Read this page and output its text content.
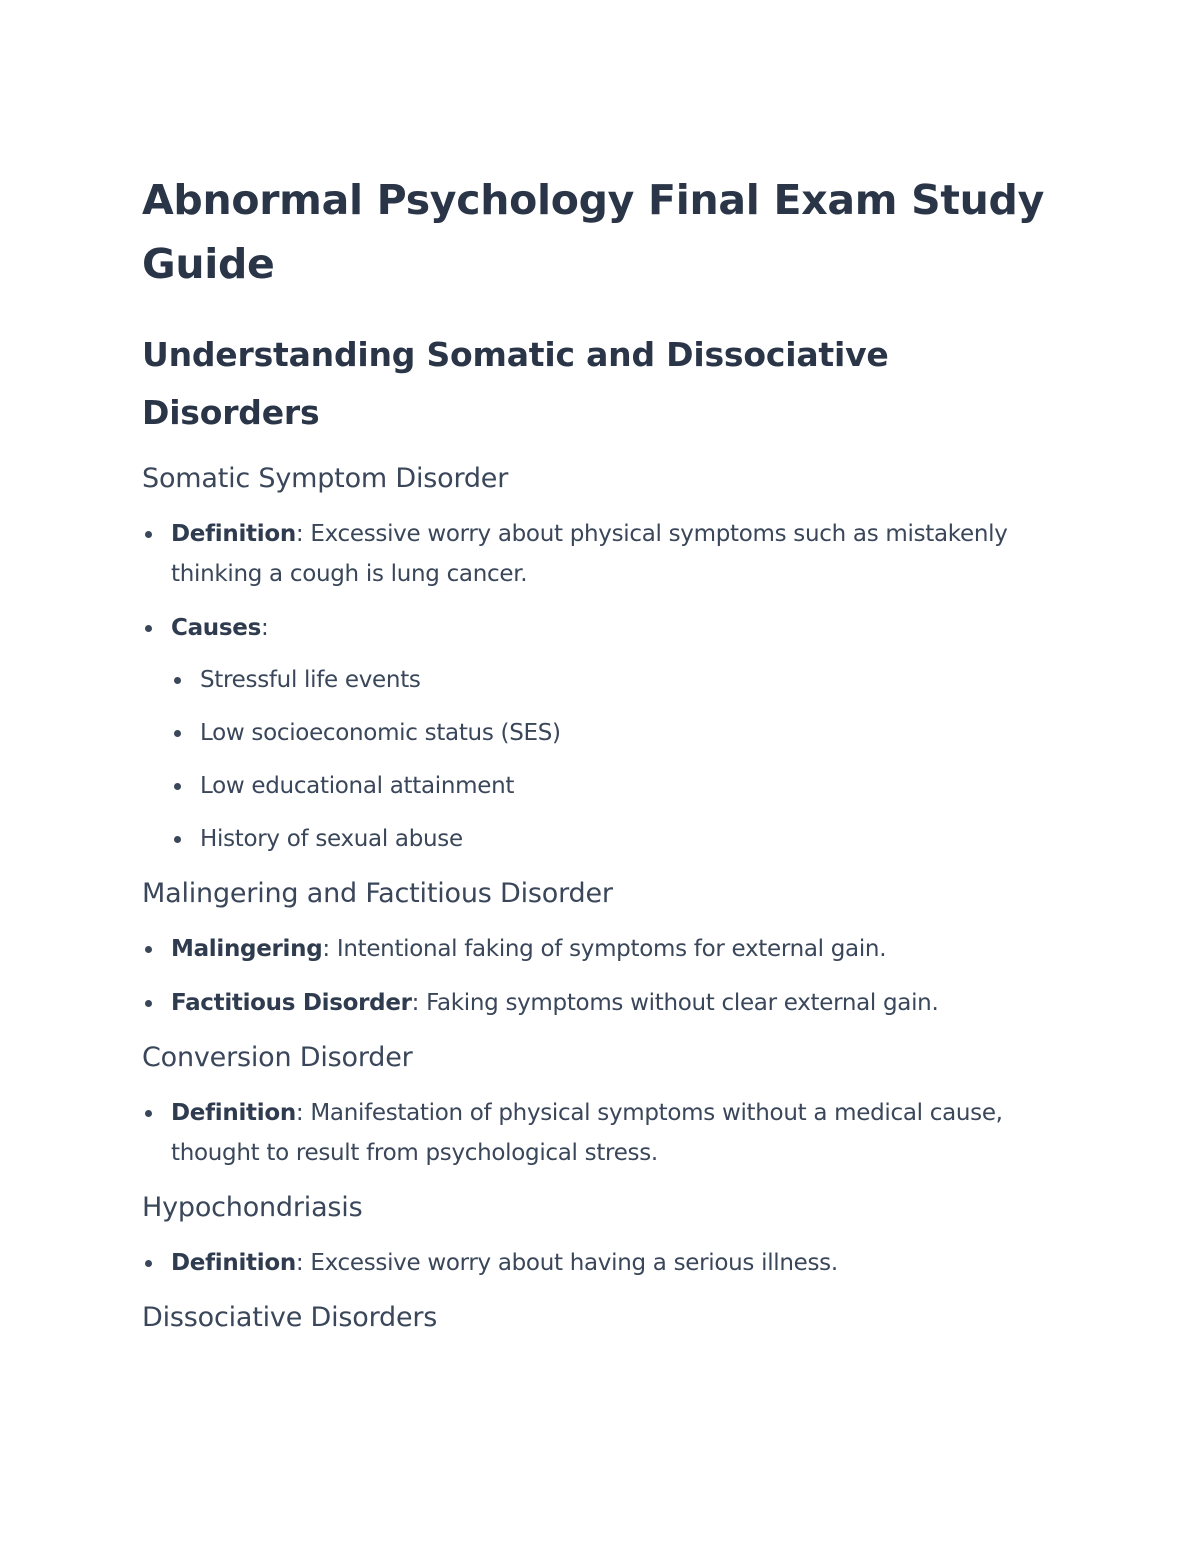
Abnormal Psychology Final Exam Study Guide
Understanding Somatic and Dissociative Disorders
Somatic Symptom Disorder
Definition: Excessive worry about physical symptoms such as mistakenly thinking a cough is lung cancer.
Causes:
Stressful life events
Low socioeconomic status (SES)
Low educational attainment
History of sexual abuse
Malingering and Factitious Disorder
Malingering: Intentional faking of symptoms for external gain.
Factitious Disorder: Faking symptoms without clear external gain.
Conversion Disorder
Definition: Manifestation of physical symptoms without a medical cause, thought to result from psychological stress.
Hypochondriasis
Definition: Excessive worry about having a serious illness.
Dissociative Disorders
